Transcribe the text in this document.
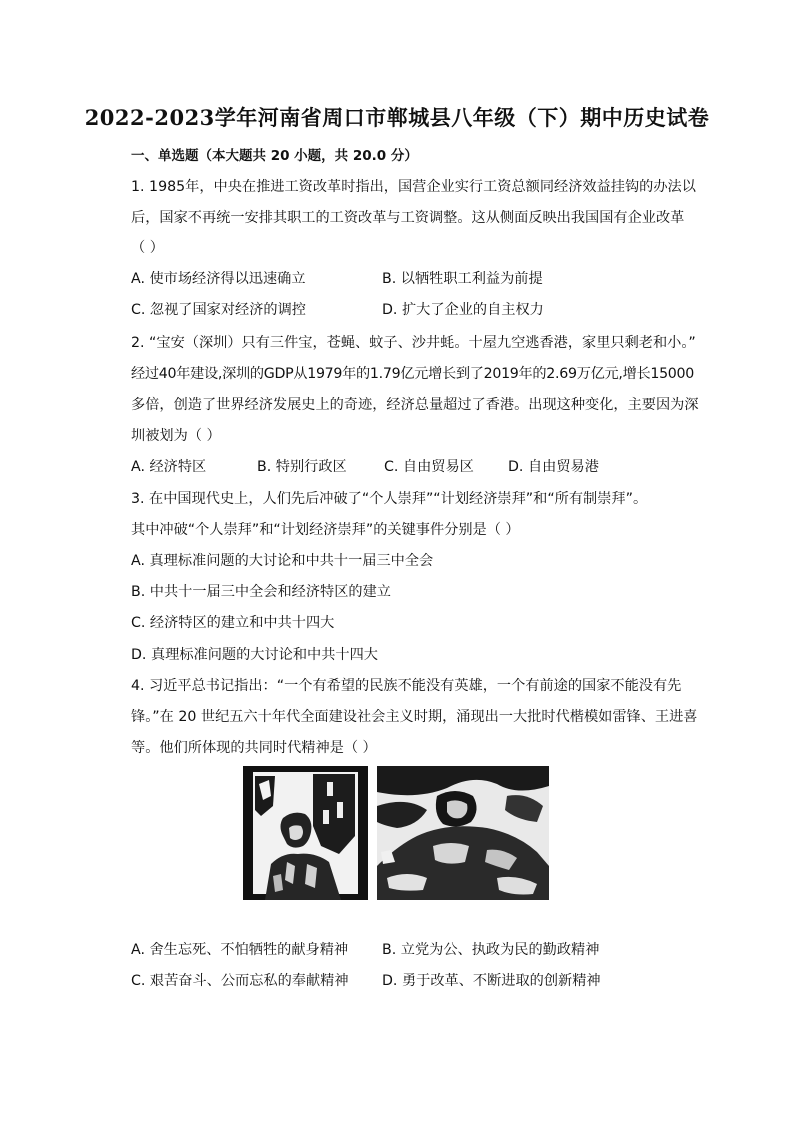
2022-2023学年河南省周口市郸城县八年级（下）期中历史试卷
一、单选题（本大题共 20 小题，共 20.0 分）
1. 1985年，中央在推进工资改革时指出，国营企业实行工资总额同经济效益挂钩的办法以
后，国家不再统一安排其职工的工资改革与工资调整。这从侧面反映出我国国有企业改革
（ ）
A. 使市场经济得以迅速确立	B. 以牺牲职工利益为前提
C. 忽视了国家对经济的调控	D. 扩大了企业的自主权力
2. “宝安（深圳）只有三件宝，苍蝇、蚊子、沙井蚝。十屋九空逃香港，家里只剩老和小。”
经过40年建设,深圳的GDP从1979年的1.79亿元增长到了2019年的2.69万亿元,增长15000
多倍，创造了世界经济发展史上的奇迹，经济总量超过了香港。出现这种变化，主要因为深
圳被划为（ ）
A. 经济特区	B. 特别行政区	C. 自由贸易区 D. 自由贸易港
3. 在中国现代史上，人们先后冲破了“个人崇拜”“计划经济崇拜”和“所有制崇拜”。
其中冲破“个人崇拜”和“计划经济崇拜”的关键事件分别是（ ）
A. 真理标准问题的大讨论和中共十一届三中全会
B. 中共十一届三中全会和经济特区的建立
C. 经济特区的建立和中共十四大
D. 真理标准问题的大讨论和中共十四大
4. 习近平总书记指出：“一个有希望的民族不能没有英雄，一个有前途的国家不能没有先
锋。”在 20 世纪五六十年代全面建设社会主义时期，涌现出一大批时代楷模如雷锋、王进喜
等。他们所体现的共同时代精神是（ ）
A. 舍生忘死、不怕牺牲的献身精神 B. 立党为公、执政为民的勤政精神
C. 艰苦奋斗、公而忘私的奉献精神 D. 勇于改革、不断进取的创新精神
